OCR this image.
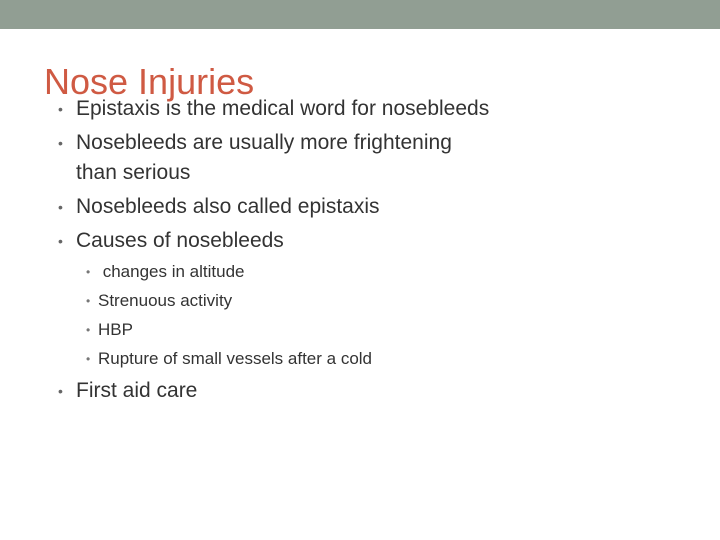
• Epistaxis is the medical word for nosebleeds
• Nosebleeds are usually more frightening
than serious
• Nosebleeds also called epistaxis
• Causes of nosebleeds
• changes in altitude
• Strenuous activity
• HBP
• Rupture of small vessels after a cold
• First aid care
Nose Injuries
